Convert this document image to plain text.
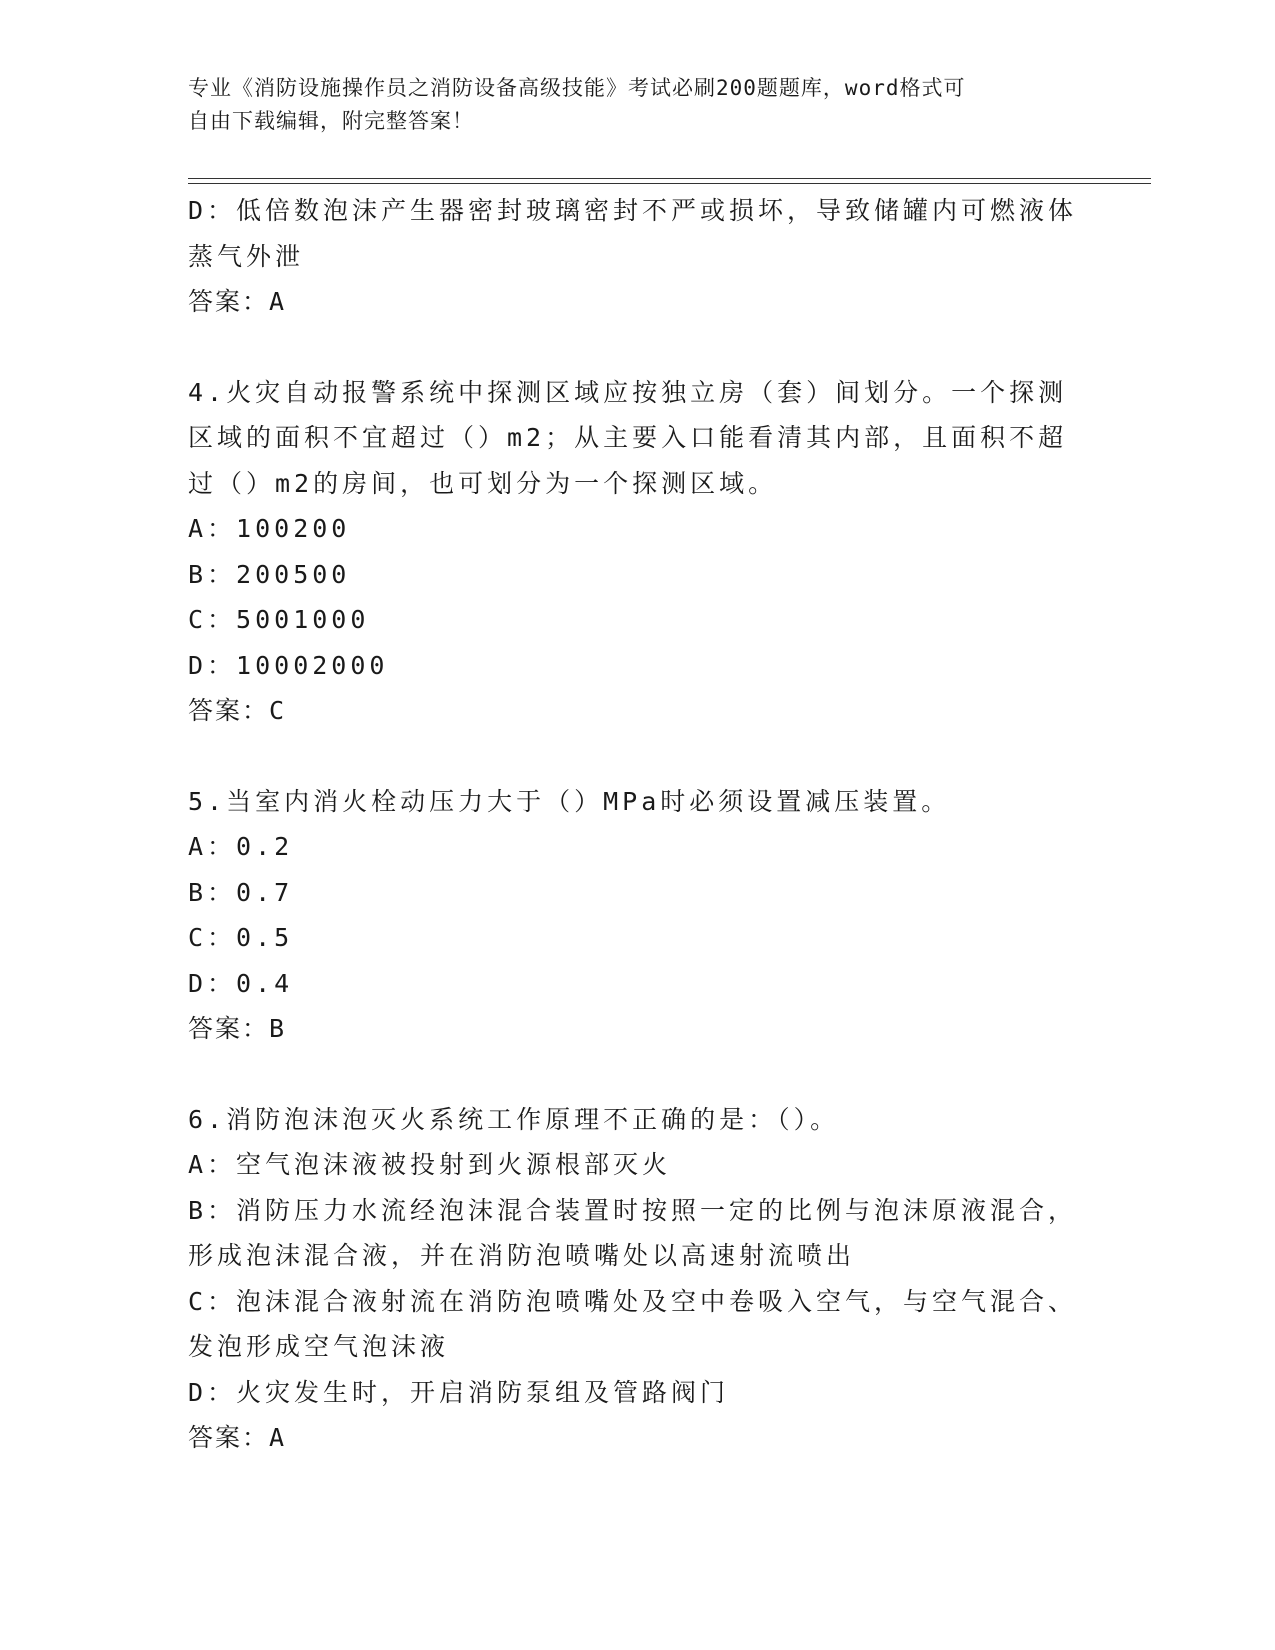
专业《消防设施操作员之消防设备高级技能》考试必刷200题题库，word格式可
自由下载编辑，附完整答案！
D：低倍数泡沫产生器密封玻璃密封不严或损坏，导致储罐内可燃液体
蒸气外泄
答案：A
4.火灾自动报警系统中探测区域应按独立房（套）间划分。一个探测
区域的面积不宜超过（）m2；从主要入口能看清其内部，且面积不超
过（）m2的房间，也可划分为一个探测区域。
A：100200
B：200500
C：5001000
D：10002000
答案：C
5.当室内消火栓动压力大于（）MPa时必须设置减压装置。
A：0.2
B：0.7
C：0.5
D：0.4
答案：B
6.消防泡沫泡灭火系统工作原理不正确的是：（）。
A：空气泡沫液被投射到火源根部灭火
B：消防压力水流经泡沫混合装置时按照一定的比例与泡沫原液混合，
形成泡沫混合液，并在消防泡喷嘴处以高速射流喷出
C：泡沫混合液射流在消防泡喷嘴处及空中卷吸入空气，与空气混合、
发泡形成空气泡沫液
D：火灾发生时，开启消防泵组及管路阀门
答案：A
